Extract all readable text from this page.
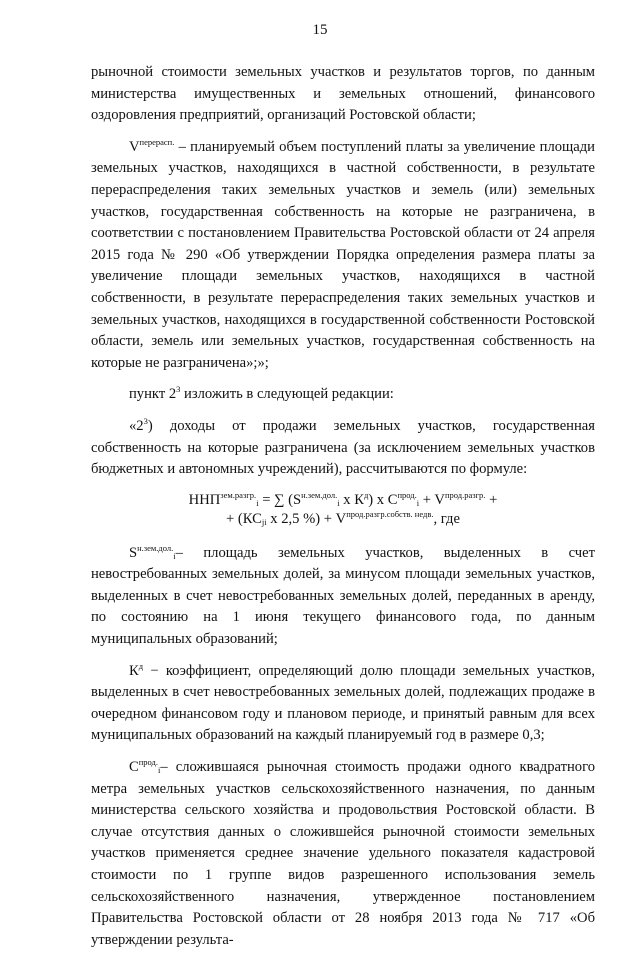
15

рыночной стоимости земельных участков и результатов торгов, по данным министерства имущественных и земельных отношений, финансового оздоровления предприятий, организаций Ростовской области;

$V^{перерасп.}$ – планируемый объем поступлений платы за увеличение площади земельных участков, находящихся в частной собственности, в результате перераспределения таких земельных участков и земель (или) земельных участков, государственная собственность на которые не разграничена, в соответствии с постановлением Правительства Ростовской области от 24 апреля 2015 года № 290 «Об утверждении Порядка определения размера платы за увеличение площади земельных участков, находящихся в частной собственности, в результате перераспределения таких земельных участков и земельных участков, находящихся в государственной собственности Ростовской области, земель или земельных участков, государственная собственность на которые не разграничена»;»;

пункт $2^3$ изложить в следующей редакции:

«$2^3$) доходы от продажи земельных участков, государственная собственность на которые разграничена (за исключением земельных участков бюджетных и автономных учреждений), рассчитываются по формуле:

$ННП^{зем.разгр.}_i$ = ∑ ($S^{н.зем.дол.}_i$ х $К^д$) х $С^{прод.}_i + V^{прод.разгр.}$ +
+ ($КС_{ji}$ х 2,5 %) + $V^{прод.разгр.собств. недв.}$, где

$S^{н.зем.дол.}_i-$ площадь земельных участков, выделенных в счет невостребованных земельных долей, за минусом площади земельных участков, выделенных в счет невостребованных земельных долей, переданных в аренду, по состоянию на 1 июня текущего финансового года, по данным муниципальных образований;

$К^д$ − коэффициент, определяющий долю площади земельных участков, выделенных в счет невостребованных земельных долей, подлежащих продаже в очередном финансовом году и плановом периоде, и принятый равным для всех муниципальных образований на каждый планируемый год в размере 0,3;

$С^{прод.}_i-$ сложившаяся рыночная стоимость продажи одного квадратного метра земельных участков сельскохозяйственного назначения, по данным министерства сельского хозяйства и продовольствия Ростовской области. В случае отсутствия данных о сложившейся рыночной стоимости земельных участков применяется среднее значение удельного показателя кадастровой стоимости по 1 группе видов разрешенного использования земель сельскохозяйственного назначения, утвержденное постановлением Правительства Ростовской области от 28 ноября 2013 года № 717 «Об утверждении результа-
